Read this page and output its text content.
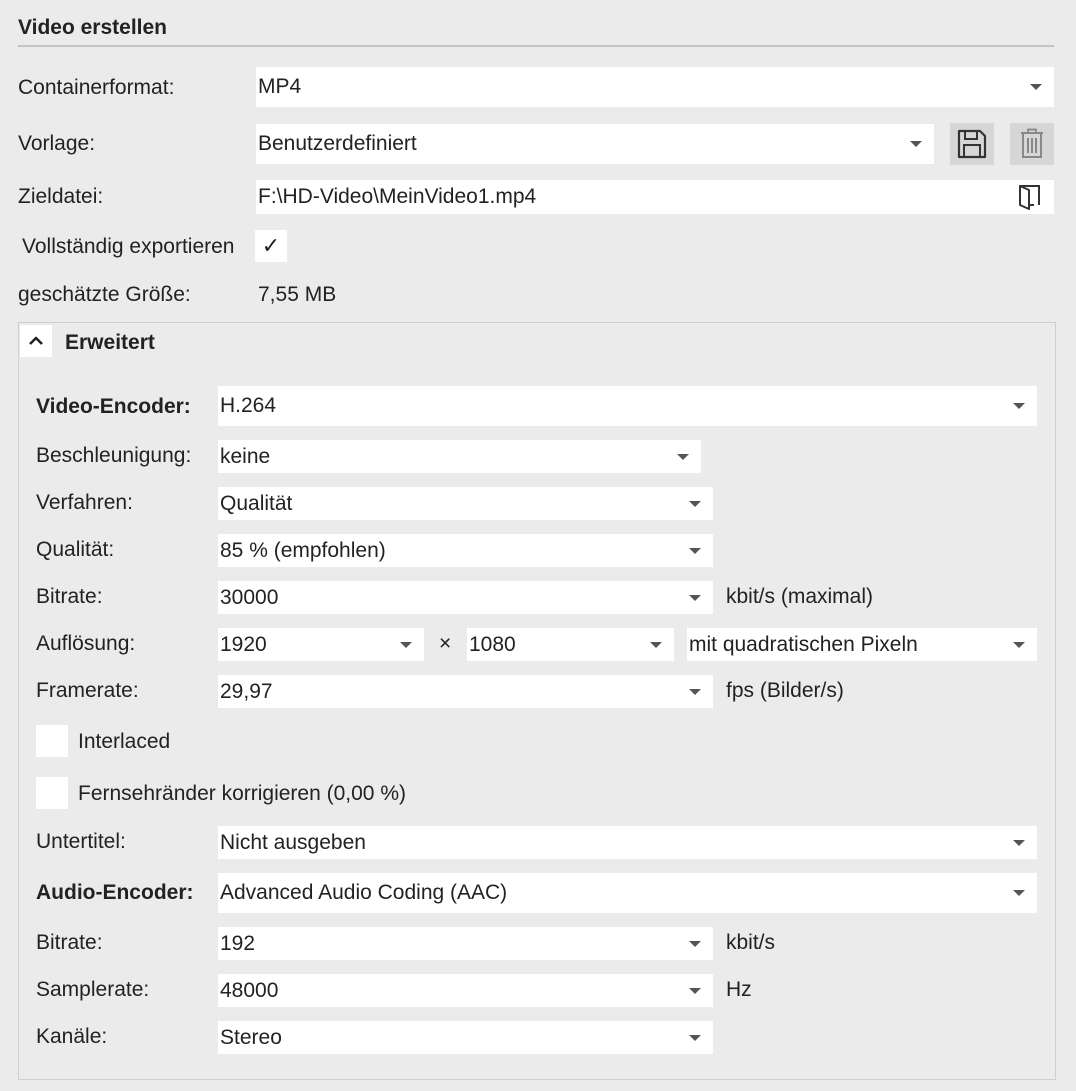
Video erstellen
Containerformat:	MP4
Vorlage:	Benutzerdefiniert
Zieldatei:	F:\HD-Video\MeinVideo1.mp4
Vollständig exportieren ✓
geschätzte Größe:	7,55 MB
Erweitert
Video-Encoder: H.264
Beschleunigung: keine
Verfahren:	Qualität
Qualität:	85 % (empfohlen)
Bitrate:	30000	kbit/s (maximal)
Auflösung:	1920	× 1080	mit quadratischen Pixeln
Framerate:	29,97	fps (Bilder/s)
Interlaced
Fernsehränder korrigieren (0,00 %)
Untertitel:	Nicht ausgeben
Audio-Encoder: Advanced Audio Coding (AAC)
Bitrate:	192	kbit/s
Samplerate:	48000	Hz
Kanäle:	Stereo
